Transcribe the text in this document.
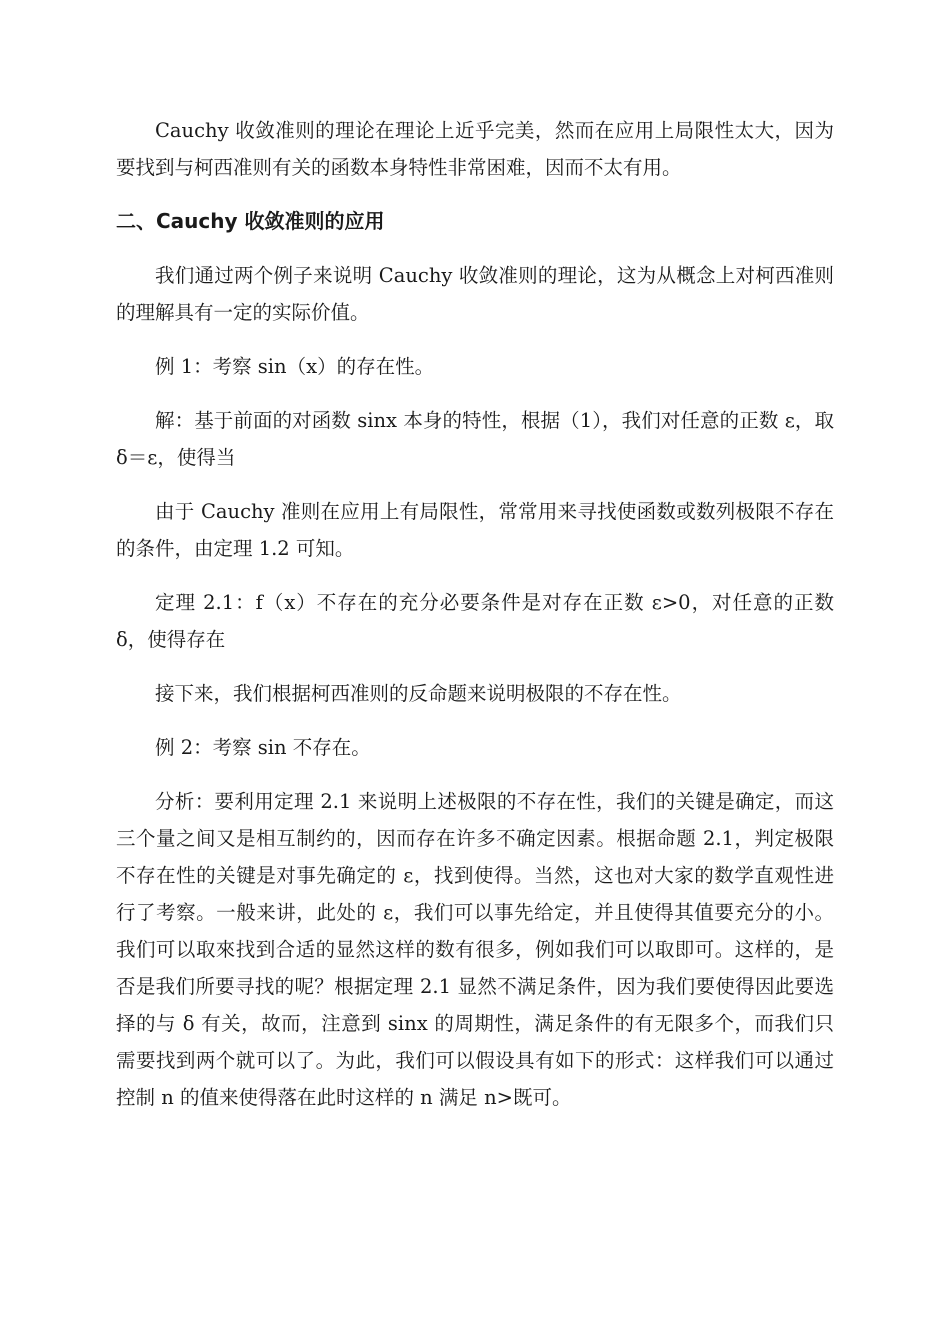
Cauchy 收敛准则的理论在理论上近乎完美，然而在应用上局限性太大，因为要找到与柯西准则有关的函数本身特性非常困难，因而不太有用。

二、Cauchy 收敛准则的应用

我们通过两个例子来说明 Cauchy 收敛准则的理论，这为从概念上对柯西准则的理解具有一定的实际价值。

例 1：考察 sin（x）的存在性。

解：基于前面的对函数 sinx 本身的特性，根据（1），我们对任意的正数 ε，取 δ＝ε，使得当

由于 Cauchy 准则在应用上有局限性，常常用来寻找使函数或数列极限不存在的条件，由定理 1.2 可知。

定理 2.1：f（x）不存在的充分必要条件是对存在正数 ε>0，对任意的正数 δ，使得存在

接下来，我们根据柯西准则的反命题来说明极限的不存在性。

例 2：考察 sin 不存在。

分析：要利用定理 2.1 来说明上述极限的不存在性，我们的关键是确定，而这三个量之间又是相互制约的，因而存在许多不确定因素。根据命题 2.1，判定极限不存在性的关键是对事先确定的 ε，找到使得。当然，这也对大家的数学直观性进行了考察。一般来讲，此处的 ε，我们可以事先给定，并且使得其值要充分的小。我们可以取來找到合适的显然这样的数有很多，例如我们可以取即可。这样的，是否是我们所要寻找的呢？根据定理 2.1 显然不满足条件，因为我们要使得因此要选择的与 δ 有关，故而，注意到 sinx 的周期性，满足条件的有无限多个，而我们只需要找到两个就可以了。为此，我们可以假设具有如下的形式：这样我们可以通过控制 n 的值来使得落在此时这样的 n 满足 n>既可。
